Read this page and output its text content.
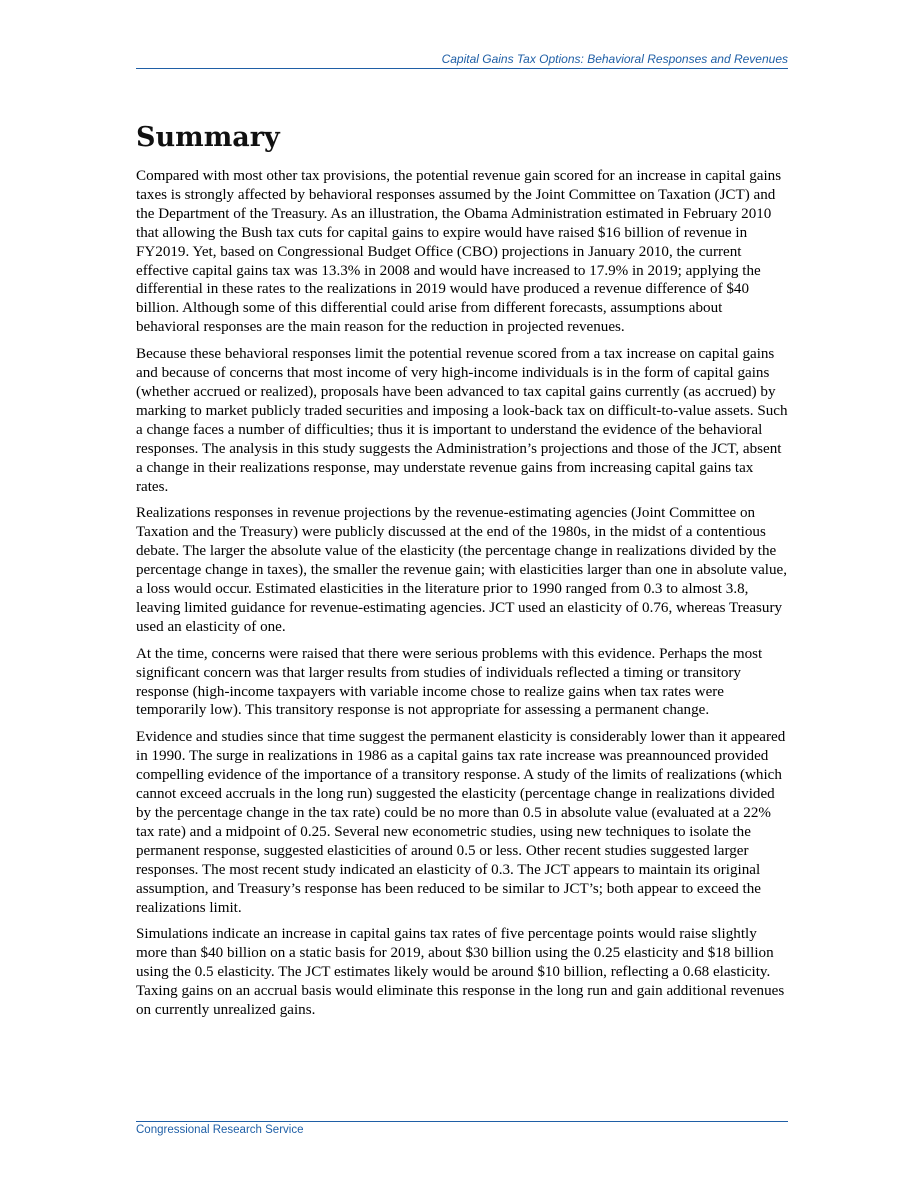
Capital Gains Tax Options: Behavioral Responses and Revenues
Summary

Compared with most other tax provisions, the potential revenue gain scored for an increase in capital gains taxes is strongly affected by behavioral responses assumed by the Joint Committee on Taxation (JCT) and the Department of the Treasury. As an illustration, the Obama Administration estimated in February 2010 that allowing the Bush tax cuts for capital gains to expire would have raised $16 billion of revenue in FY2019. Yet, based on Congressional Budget Office (CBO) projections in January 2010, the current effective capital gains tax was 13.3% in 2008 and would have increased to 17.9% in 2019; applying the differential in these rates to the realizations in 2019 would have produced a revenue difference of $40 billion. Although some of this differential could arise from different forecasts, assumptions about behavioral responses are the main reason for the reduction in projected revenues.

Because these behavioral responses limit the potential revenue scored from a tax increase on capital gains and because of concerns that most income of very high-income individuals is in the form of capital gains (whether accrued or realized), proposals have been advanced to tax capital gains currently (as accrued) by marking to market publicly traded securities and imposing a look-back tax on difficult-to-value assets. Such a change faces a number of difficulties; thus it is important to understand the evidence of the behavioral responses. The analysis in this study suggests the Administration’s projections and those of the JCT, absent a change in their realizations response, may understate revenue gains from increasing capital gains tax rates.

Realizations responses in revenue projections by the revenue-estimating agencies (Joint Committee on Taxation and the Treasury) were publicly discussed at the end of the 1980s, in the midst of a contentious debate. The larger the absolute value of the elasticity (the percentage change in realizations divided by the percentage change in taxes), the smaller the revenue gain; with elasticities larger than one in absolute value, a loss would occur. Estimated elasticities in the literature prior to 1990 ranged from 0.3 to almost 3.8, leaving limited guidance for revenue-estimating agencies. JCT used an elasticity of 0.76, whereas Treasury used an elasticity of one.

At the time, concerns were raised that there were serious problems with this evidence. Perhaps the most significant concern was that larger results from studies of individuals reflected a timing or transitory response (high-income taxpayers with variable income chose to realize gains when tax rates were temporarily low). This transitory response is not appropriate for assessing a permanent change.

Evidence and studies since that time suggest the permanent elasticity is considerably lower than it appeared in 1990. The surge in realizations in 1986 as a capital gains tax rate increase was preannounced provided compelling evidence of the importance of a transitory response. A study of the limits of realizations (which cannot exceed accruals in the long run) suggested the elasticity (percentage change in realizations divided by the percentage change in the tax rate) could be no more than 0.5 in absolute value (evaluated at a 22% tax rate) and a midpoint of 0.25. Several new econometric studies, using new techniques to isolate the permanent response, suggested elasticities of around 0.5 or less. Other recent studies suggested larger responses. The most recent study indicated an elasticity of 0.3. The JCT appears to maintain its original assumption, and Treasury’s response has been reduced to be similar to JCT’s; both appear to exceed the realizations limit.

Simulations indicate an increase in capital gains tax rates of five percentage points would raise slightly more than $40 billion on a static basis for 2019, about $30 billion using the 0.25 elasticity and $18 billion using the 0.5 elasticity. The JCT estimates likely would be around $10 billion, reflecting a 0.68 elasticity. Taxing gains on an accrual basis would eliminate this response in the long run and gain additional revenues on currently unrealized gains.

Congressional Research Service
